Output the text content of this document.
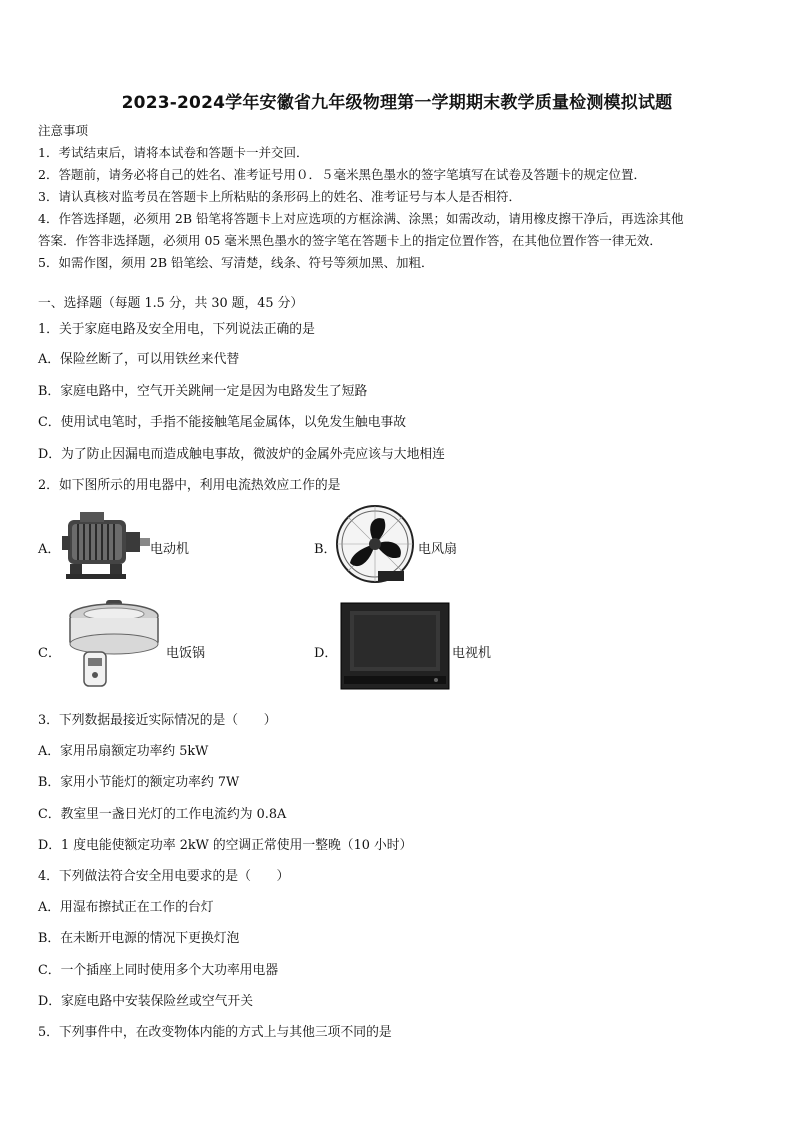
2023-2024学年安徽省九年级物理第一学期期末教学质量检测模拟试题
注意事项
1．考试结束后，请将本试卷和答题卡一并交回．
2．答题前，请务必将自己的姓名、准考证号用０．５毫米黑色墨水的签字笔填写在试卷及答题卡的规定位置．
3．请认真核对监考员在答题卡上所粘贴的条形码上的姓名、准考证号与本人是否相符．
4．作答选择题，必须用 2B 铅笔将答题卡上对应选项的方框涂满、涂黑；如需改动，请用橡皮擦干净后，再选涂其他
答案．作答非选择题，必须用 05 毫米黑色墨水的签字笔在答题卡上的指定位置作答，在其他位置作答一律无效．
5．如需作图，须用 2B 铅笔绘、写清楚，线条、符号等须加黑、加粗．
一、选择题（每题 1.5 分，共 30 题，45 分）
1．关于家庭电路及安全用电，下列说法正确的是
A．保险丝断了，可以用铁丝来代替
B．家庭电路中，空气开关跳闸一定是因为电路发生了短路
C．使用试电笔时，手指不能接触笔尾金属体，以免发生触电事故
D．为了防止因漏电而造成触电事故，微波炉的金属外壳应该与大地相连
2．如下图所示的用电器中，利用电流热效应工作的是
A．	电动机	B．	电风扇
C．	电饭锅	D．	电视机
3．下列数据最接近实际情况的是（　　）
A．家用吊扇额定功率约 5kW
B．家用小节能灯的额定功率约 7W
C．教室里一盏日光灯的工作电流约为 0.8A
D．1 度电能使额定功率 2kW 的空调正常使用一整晚（10 小时）
4．下列做法符合安全用电要求的是（　　）
A．用湿布擦拭正在工作的台灯
B．在未断开电源的情况下更换灯泡
C．一个插座上同时使用多个大功率用电器
D．家庭电路中安装保险丝或空气开关
5．下列事件中，在改变物体内能的方式上与其他三项不同的是
